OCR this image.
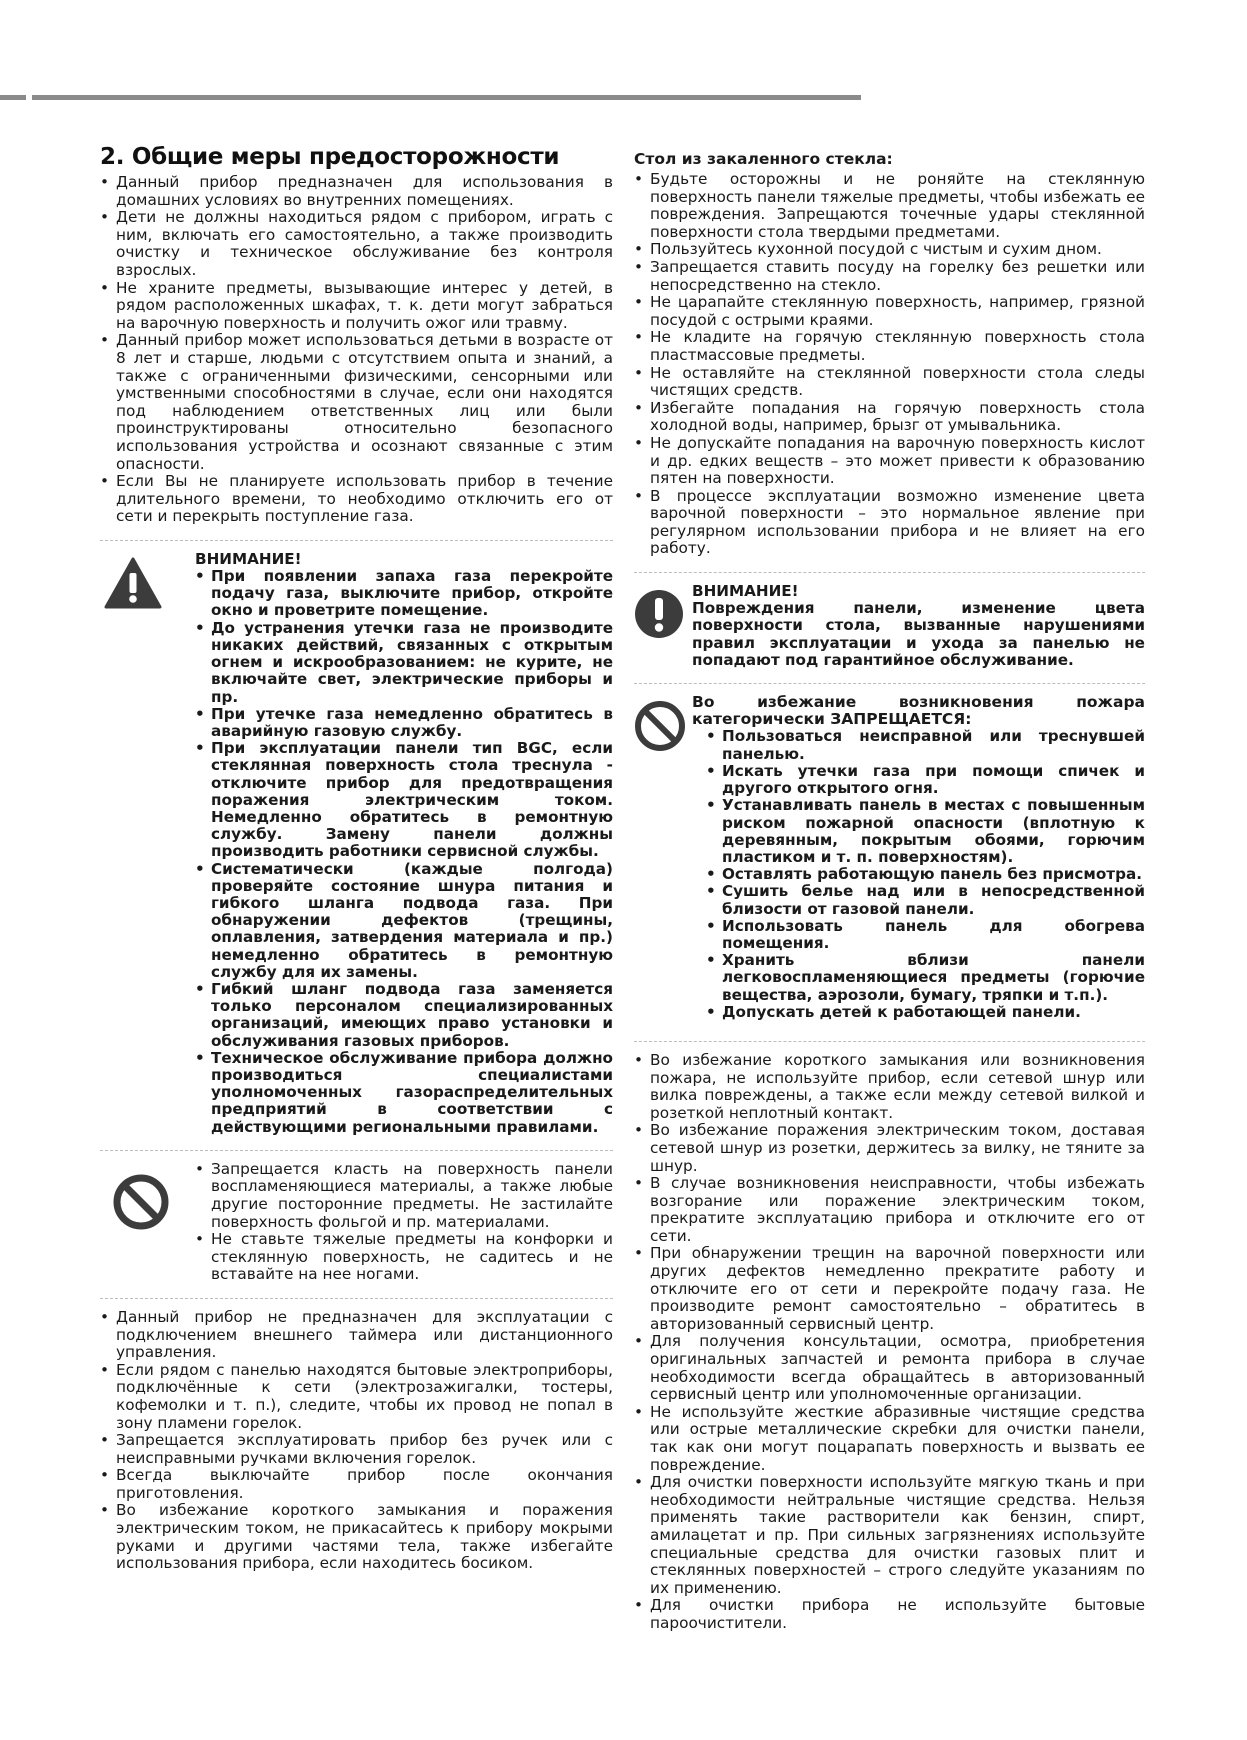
2. Общие меры предосторожности
• Данный прибор предназначен для использования в домашних условиях во внутренних помещениях.
• Дети не должны находиться рядом с прибором, играть с ним, включать его самостоятельно, а также производить очистку и техническое обслуживание без контроля взрослых.
• Не храните предметы, вызывающие интерес у детей, в рядом расположенных шкафах, т. к. дети могут забраться на варочную поверхность и получить ожог или травму.
• Данный прибор может использоваться детьми в возрасте от 8 лет и старше, людьми с отсутствием опыта и знаний, а также с ограниченными физическими, сенсорными или умственными способностями в случае, если они находятся под наблюдением ответственных лиц или были проинструктированы относительно безопасного использования устройства и осознают связанные с этим опасности.
• Если Вы не планируете использовать прибор в течение длительного времени, то необходимо отключить его от сети и перекрыть поступление газа.

ВНИМАНИЕ!

• При появлении запаха газа перекройте подачу газа, выключите прибор, откройте окно и проветрите помещение.
• До устранения утечки газа не производите никаких действий, связанных с открытым огнем и искрообразованием: не курите, не включайте свет, электрические приборы и пр.
• При утечке газа немедленно обратитесь в аварийную газовую службу.
• При эксплуатации панели тип BGC, если стеклянная поверхность стола треснула - отключите прибор для предотвращения поражения электрическим током. Немедленно обратитесь в ремонтную службу. Замену панели должны производить работники сервисной службы.
• Систематически (каждые полгода) проверяйте состояние шнура питания и гибкого шланга подвода газа. При обнаружении дефектов (трещины, оплавления, затвердения материала и пр.) немедленно обратитесь в ремонтную службу для их замены.
• Гибкий шланг подвода газа заменяется только персоналом специализированных организаций, имеющих право установки и обслуживания газовых приборов.
• Техническое обслуживание прибора должно производиться специалистами уполномоченных газораспределительных предприятий в соответствии с действующими региональными правилами.
• Запрещается класть на поверхность панели воспламеняющиеся материалы, а также любые другие посторонние предметы. Не застилайте поверхность фольгой и пр. материалами.
• Не ставьте тяжелые предметы на конфорки и стеклянную поверхность, не садитесь и не вставайте на нее ногами.
• Данный прибор не предназначен для эксплуатации с подключением внешнего таймера или дистанционного управления.
• Если рядом с панелью находятся бытовые электроприборы, подключённые к сети (электрозажигалки, тостеры, кофемолки и т. п.), следите, чтобы их провод не попал в зону пламени горелок.
• Запрещается эксплуатировать прибор без ручек или с неисправными ручками включения горелок.
• Всегда выключайте прибор после окончания приготовления.
• Во избежание короткого замыкания и поражения электрическим током, не прикасайтесь к прибору мокрыми руками и другими частями тела, также избегайте использования прибора, если находитесь босиком.

Стол из закаленного стекла:

• Будьте осторожны и не роняйте на стеклянную поверхность панели тяжелые предметы, чтобы избежать ее повреждения. Запрещаются точечные удары стеклянной поверхности стола твердыми предметами.
• Пользуйтесь кухонной посудой с чистым и сухим дном.
• Запрещается ставить посуду на горелку без решетки или непосредственно на стекло.
• Не царапайте стеклянную поверхность, например, грязной посудой с острыми краями.
• Не кладите на горячую стеклянную поверхность стола пластмассовые предметы.
• Не оставляйте на стеклянной поверхности стола следы чистящих средств.
• Избегайте попадания на горячую поверхность стола холодной воды, например, брызг от умывальника.
• Не допускайте попадания на варочную поверхность кислот и др. едких веществ – это может привести к образованию пятен на поверхности.
• В процессе эксплуатации возможно изменение цвета варочной поверхности – это нормальное явление при регулярном использовании прибора и не влияет на его работу.

ВНИМАНИЕ!

Повреждения панели, изменение цвета поверхности стола, вызванные нарушениями правил эксплуатации и ухода за панелью не попадают под гарантийное обслуживание.

Во избежание возникновения пожара категорически ЗАПРЕЩАЕТСЯ:

• Пользоваться неисправной или треснувшей панелью.
• Искать утечки газа при помощи спичек и другого открытого огня.
• Устанавливать панель в местах с повышенным риском пожарной опасности (вплотную к деревянным, покрытым обоями, горючим пластиком и т. п. поверхностям).
• Оставлять работающую панель без присмотра.
• Сушить белье над или в непосредственной близости от газовой панели.
• Использовать панель для обогрева помещения.
• Хранить вблизи панели легковоспламеняющиеся предметы (горючие вещества, аэрозоли, бумагу, тряпки и т.п.).
• Допускать детей к работающей панели.
• Во избежание короткого замыкания или возникновения пожара, не используйте прибор, если сетевой шнур или вилка повреждены, а также если между сетевой вилкой и розеткой неплотный контакт.
• Во избежание поражения электрическим током, доставая сетевой шнур из розетки, держитесь за вилку, не тяните за шнур.
• В случае возникновения неисправности, чтобы избежать возгорание или поражение электрическим током, прекратите эксплуатацию прибора и отключите его от сети.
• При обнаружении трещин на варочной поверхности или других дефектов немедленно прекратите работу и отключите его от сети и перекройте подачу газа. Не производите ремонт самостоятельно – обратитесь в авторизованный сервисный центр.
• Для получения консультации, осмотра, приобретения оригинальных запчастей и ремонта прибора в случае необходимости всегда обращайтесь в авторизованный сервисный центр или уполномоченные организации.
• Не используйте жесткие абразивные чистящие средства или острые металлические скребки для очистки панели, так как они могут поцарапать поверхность и вызвать ее повреждение.
• Для очистки поверхности используйте мягкую ткань и при необходимости нейтральные чистящие средства. Нельзя применять такие растворители как бензин, спирт, амилацетат и пр. При сильных загрязнениях используйте специальные средства для очистки газовых плит и стеклянных поверхностей – строго следуйте указаниям по их применению.
• Для очистки прибора не используйте бытовые пароочистители.
